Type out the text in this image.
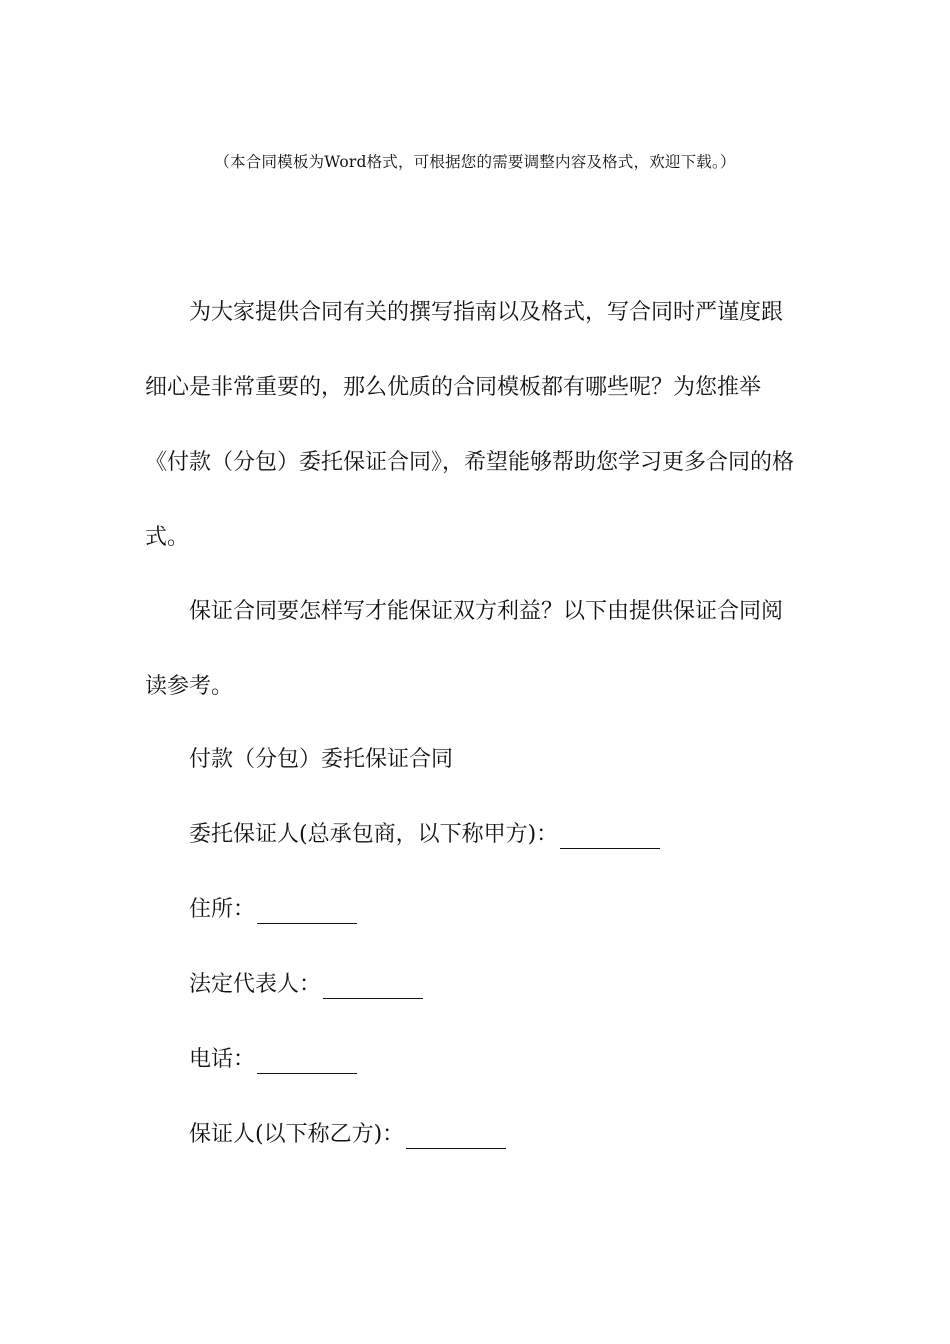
（本合同模板为Word格式，可根据您的需要调整内容及格式，欢迎下载。）

为大家提供合同有关的撰写指南以及格式，写合同时严谨度跟细心是非常重要的，那么优质的合同模板都有哪些呢？为您推举《付款（分包）委托保证合同》，希望能够帮助您学习更多合同的格式。

保证合同要怎样写才能保证双方利益？以下由提供保证合同阅读参考。

付款（分包）委托保证合同
委托保证人(总承包商，以下称甲方)：
住所：
法定代表人：
电话：
保证人(以下称乙方)：
